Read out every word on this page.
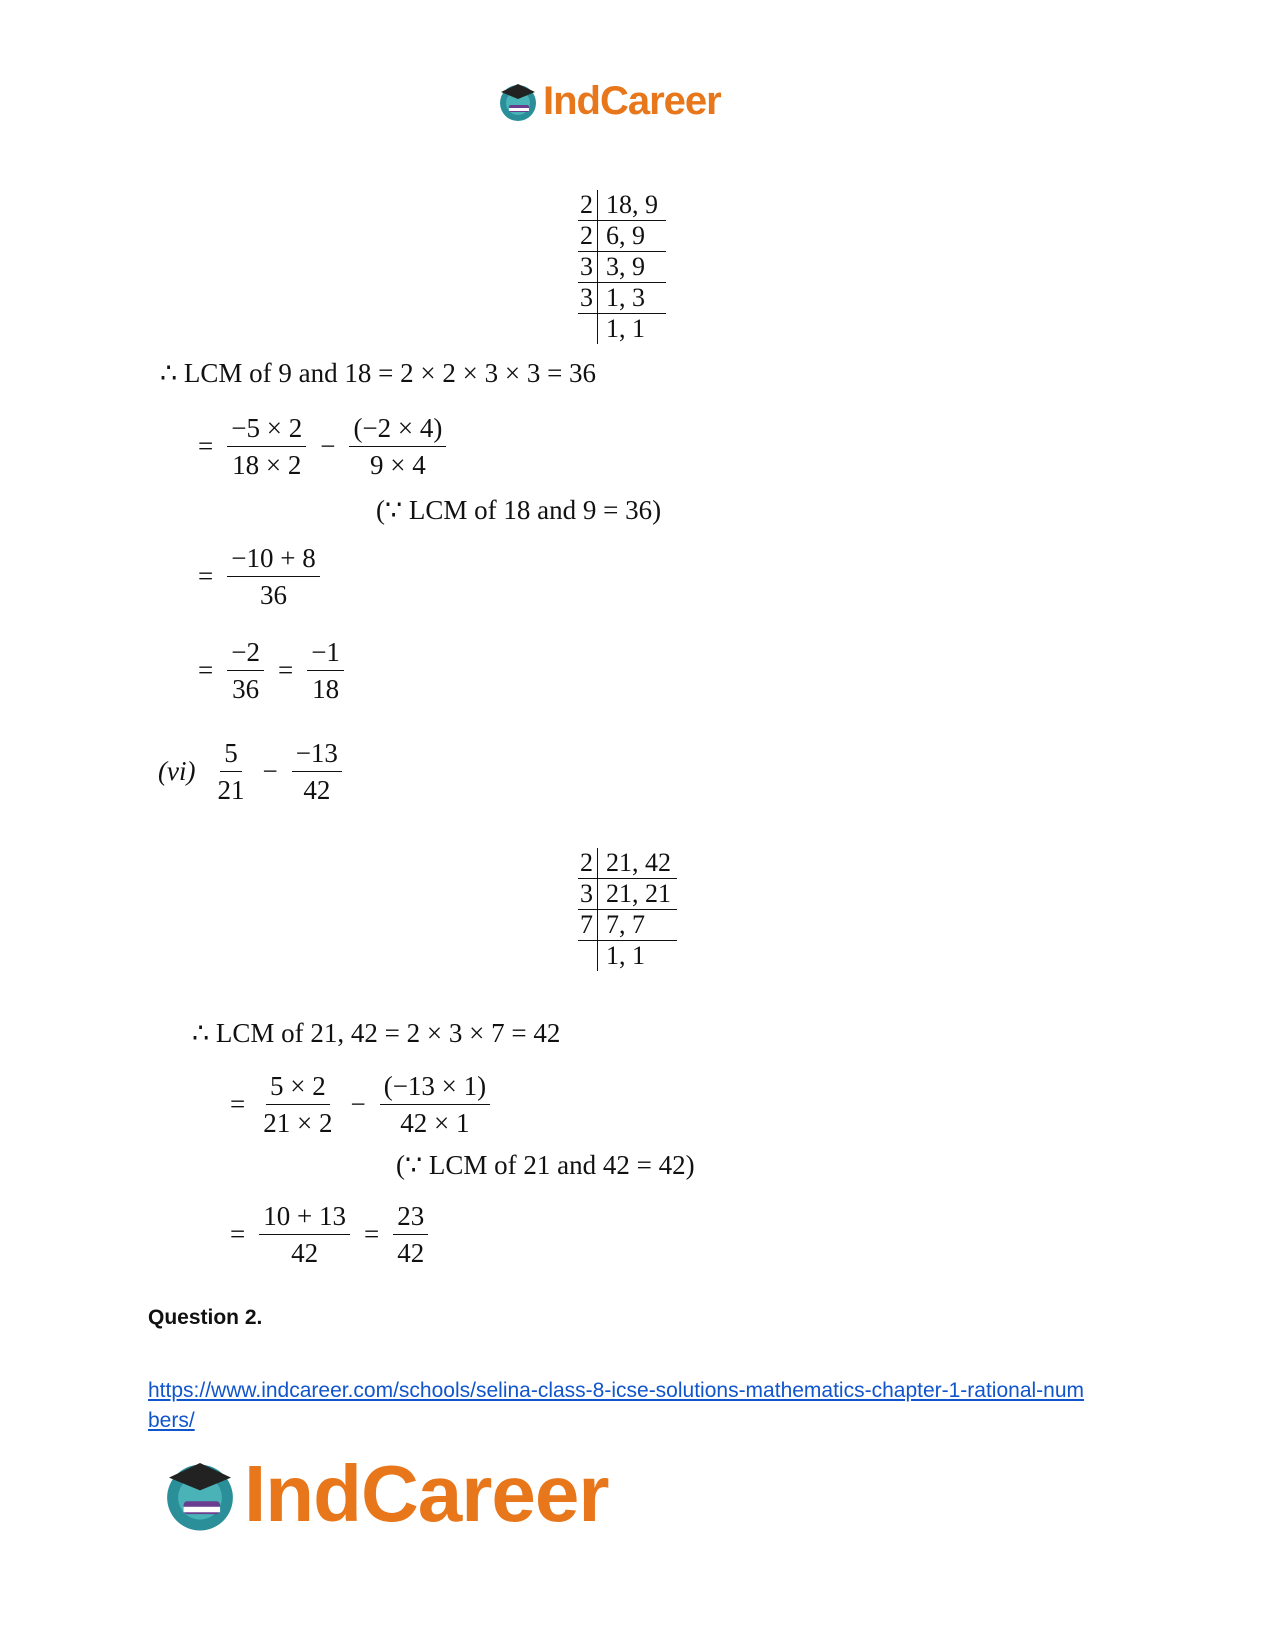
IndCareer
2	18, 9
2	6, 9
3	3, 9
3	1, 3
	1, 1
∴ LCM of 9 and 18 = 2 × 2 × 3 × 3 = 36
= $\frac{-5 \times 2}{18 \times 2} - \frac{(-2 \times 4)}{9 \times 4}$
(∵ LCM of 18 and 9 = 36)
= $\frac{-10 + 8}{36}$
= $\frac{-2}{36} = \frac{-1}{18}$
$(vi) \frac{5}{21} - \frac{-13}{42}$
2	21, 42
3	21, 21
7	7, 7
	1, 1
∴ LCM of 21, 42 = 2 × 3 × 7 = 42
= $\frac{5 \times 2}{21 \times 2} - \frac{(-13 \times 1)}{42 \times 1}$
(∵ LCM of 21 and 42 = 42)
= $\frac{10 + 13}{42} = \frac{23}{42}$
Question 2.
https://www.indcareer.com/schools/selina-class-8-icse-solutions-mathematics-chapter-1-rational-numbers/
IndCareer
